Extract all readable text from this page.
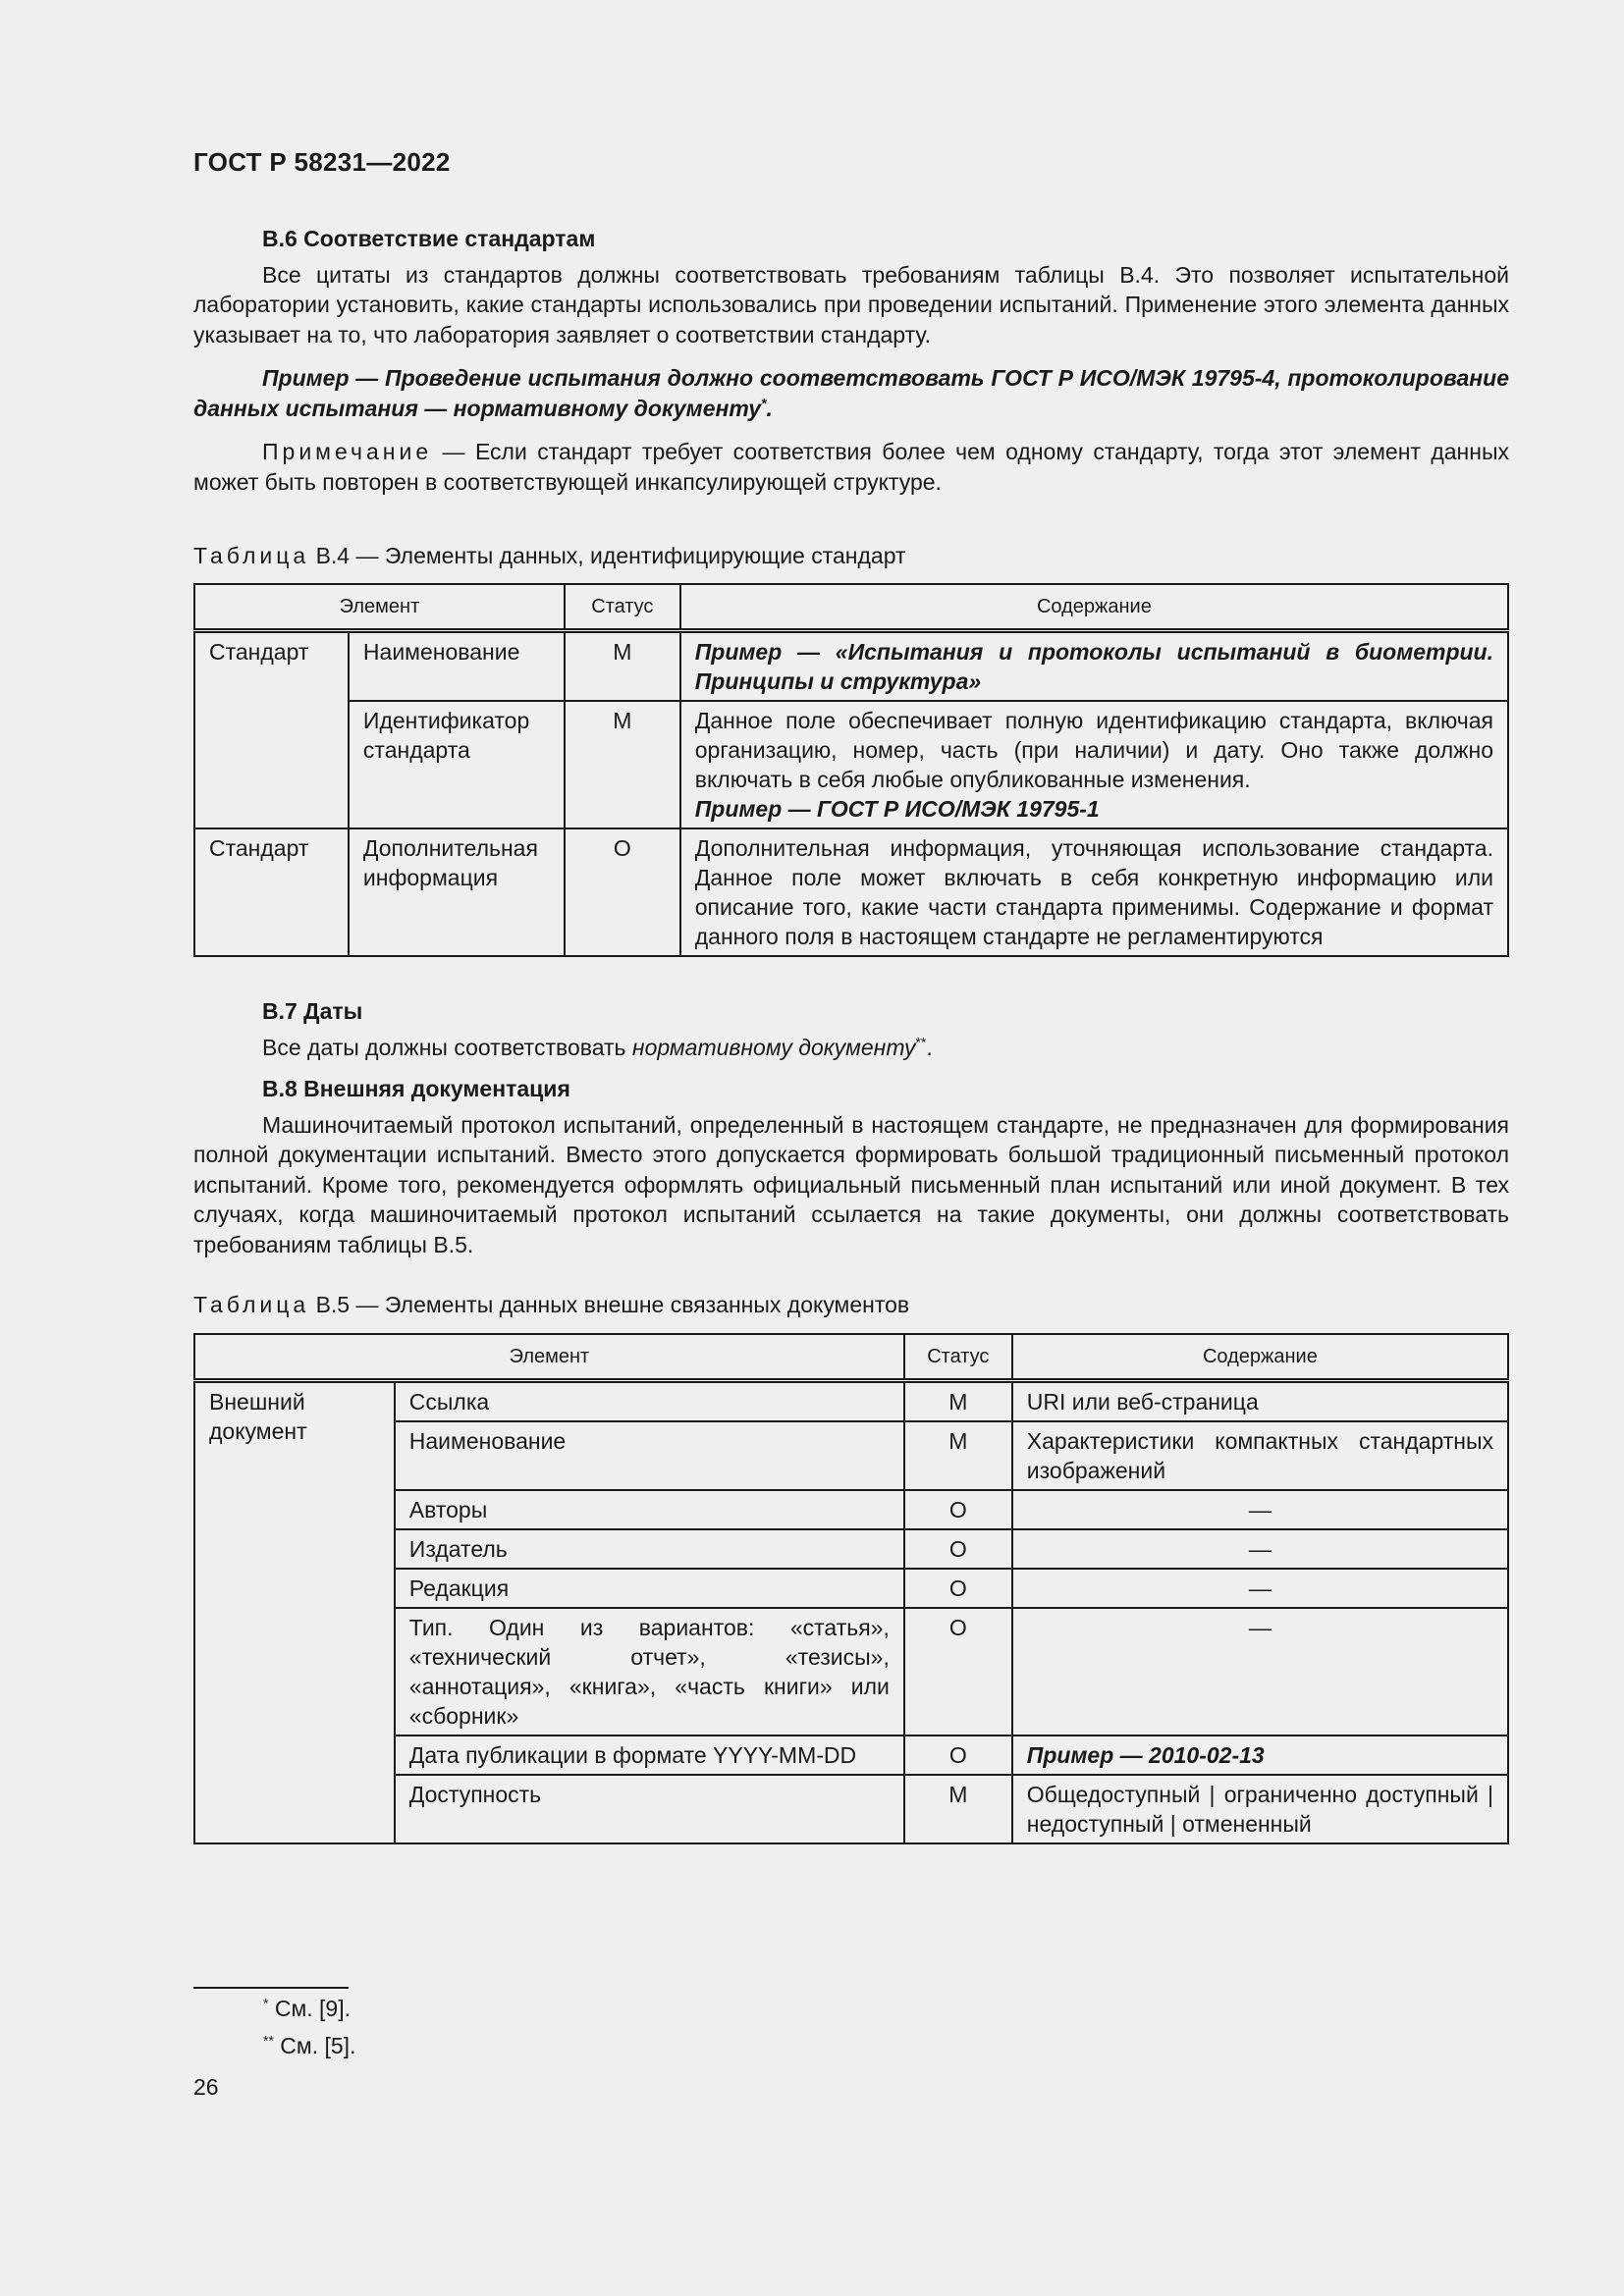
ГОСТ Р 58231—2022
В.6 Соответствие стандартам
Все цитаты из стандартов должны соответствовать требованиям таблицы В.4. Это позволяет испытательной лаборатории установить, какие стандарты использовались при проведении испытаний. Применение этого элемента данных указывает на то, что лаборатория заявляет о соответствии стандарту.
Пример — Проведение испытания должно соответствовать ГОСТ Р ИСО/МЭК 19795-4, протоколирование данных испытания — нормативному документу*.
Примечание — Если стандарт требует соответствия более чем одному стандарту, тогда этот элемент данных может быть повторен в соответствующей инкапсулирующей структуре.
Таблица В.4 — Элементы данных, идентифицирующие стандарт
Элемент		Статус	Содержание
Стандарт	Наименование	М	Пример — «Испытания и протоколы испытаний в биометрии. Принципы и структура»
	Идентификатор стандарта	М	Данное поле обеспечивает полную идентификацию стандарта, включая организацию, номер, часть (при наличии) и дату. Оно также должно включать в себя любые опубликованные изменения.
Пример — ГОСТ Р ИСО/МЭК 19795-1

Стандарт	Дополнительная информация	О	Дополнительная информация, уточняющая использование стандарта. Данное поле может включать в себя конкретную информацию или описание того, какие части стандарта применимы. Содержание и формат данного поля в настоящем стандарте не регламентируются
В.7 Даты
Все даты должны соответствовать нормативному документу**.
В.8 Внешняя документация
Машиночитаемый протокол испытаний, определенный в настоящем стандарте, не предназначен для формирования полной документации испытаний. Вместо этого допускается формировать большой традиционный письменный протокол испытаний. Кроме того, рекомендуется оформлять официальный письменный план испытаний или иной документ. В тех случаях, когда машиночитаемый протокол испытаний ссылается на такие документы, они должны соответствовать требованиям таблицы В.5.
Таблица В.5 — Элементы данных внешне связанных документов
Элемент		Статус	Содержание
Внешний документ	Ссылка	М	URI или веб-страница
	Наименование	М	Характеристики компактных стандартных изображений
	Авторы	О	—
	Издатель	О	—
	Редакция	О	—
	Тип. Один из вариантов: «статья», «технический отчет», «тезисы», «аннотация», «книга», «часть книги» или «сборник»	О	—
	Дата публикации в формате YYYY-MM-DD	О	Пример — 2010-02-13
	Доступность	М	Общедоступный | ограниченно доступный | недоступный | отмененный
* См. [9].
** См. [5].
26
